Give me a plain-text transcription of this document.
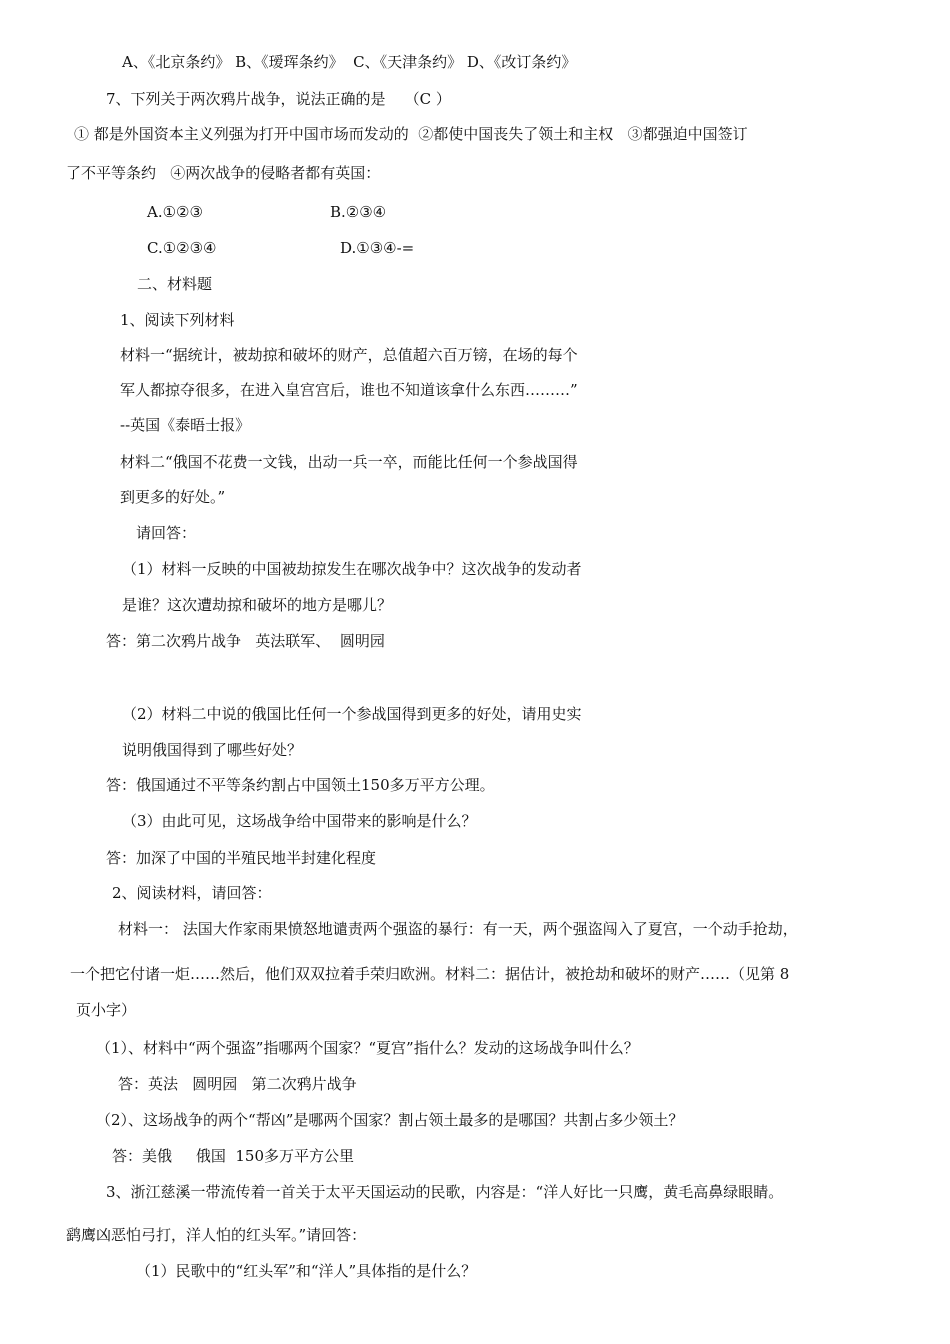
A、《北京条约》 B、《瑷珲条约》  C、《天津条约》 D、《改订条约》
7、下列关于两次鸦片战争，说法正确的是    （C ）
① 都是外国资本主义列强为打开中国市场而发动的  ②都使中国丧失了领土和主权   ③都强迫中国签订
了不平等条约   ④两次战争的侵略者都有英国：
A.①②③	B.②③④
C.①②③④	D.①③④-=
二、材料题
1、阅读下列材料
材料一“据统计，被劫掠和破坏的财产，总值超六百万镑，在场的每个
军人都掠夺很多，在进入皇宫宫后，谁也不知道该拿什么东西………”
--英国《泰晤士报》
材料二“俄国不花费一文钱，出动一兵一卒，而能比任何一个参战国得
到更多的好处。”
请回答：
（1）材料一反映的中国被劫掠发生在哪次战争中？这次战争的发动者
是谁？这次遭劫掠和破坏的地方是哪儿？
答：第二次鸦片战争   英法联军、  圆明园
（2）材料二中说的俄国比任何一个参战国得到更多的好处，请用史实
说明俄国得到了哪些好处？
答：俄国通过不平等条约割占中国领土150多万平方公理。
（3）由此可见，这场战争给中国带来的影响是什么？
答：加深了中国的半殖民地半封建化程度
2、阅读材料，请回答：
材料一： 法国大作家雨果愤怒地谴责两个强盗的暴行：有一天，两个强盗闯入了夏宫，一个动手抢劫，
一个把它付诸一炬……然后，他们双双拉着手荣归欧洲。材料二：据估计，被抢劫和破坏的财产……（见第 8
页小字）
（1）、材料中“两个强盗”指哪两个国家？“夏宫”指什么？发动的这场战争叫什么？
答：英法   圆明园   第二次鸦片战争
（2）、这场战争的两个“帮凶”是哪两个国家？割占领土最多的是哪国？共割占多少领土？
答：美俄     俄国  150多万平方公里
3、浙江慈溪一带流传着一首关于太平天国运动的民歌，内容是：“洋人好比一只鹰，黄毛高鼻绿眼睛。
鹞鹰凶恶怕弓打，洋人怕的红头军。”请回答：
（1）民歌中的“红头军”和“洋人”具体指的是什么？
